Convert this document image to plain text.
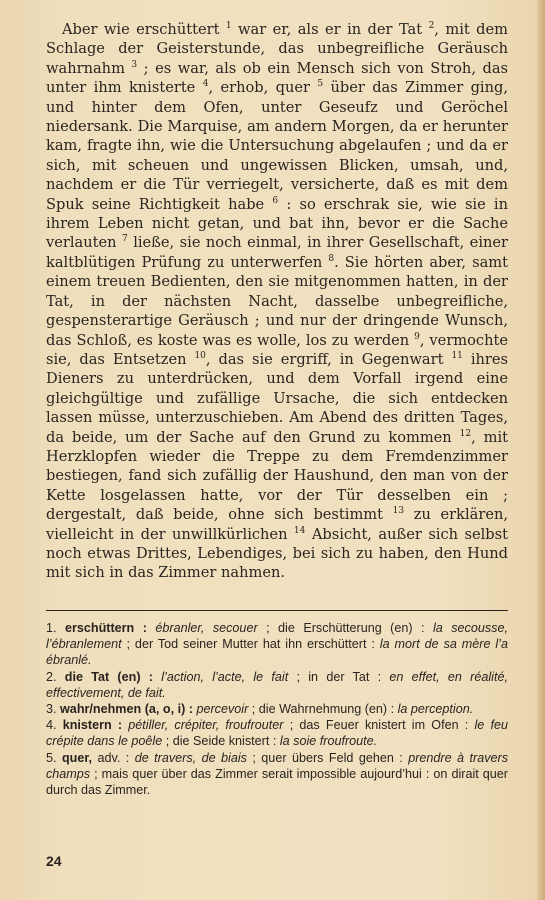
Aber wie erschüttert $^1$ war er, als er in der Tat $^2$, mit dem Schlage der Geisterstunde, das unbegreifliche Geräusch wahrnahm $^3$ ; es war, als ob ein Mensch sich von Stroh, das unter ihm knisterte $^4$, erhob, quer $^5$ über das Zimmer ging, und hinter dem Ofen, unter Geseufz und Geröchel niedersank. Die Marquise, am andern Morgen, da er herunter kam, fragte ihn, wie die Untersuchung abgelaufen ; und da er sich, mit scheuen und ungewissen Blicken, umsah, und, nachdem er die Tür verriegelt, versicherte, daß es mit dem Spuk seine Richtigkeit habe $^6$ : so erschrak sie, wie sie in ihrem Leben nicht getan, und bat ihn, bevor er die Sache verlauten $^7$ ließe, sie noch einmal, in ihrer Gesellschaft, einer kaltblütigen Prüfung zu unterwerfen $^8$. Sie hörten aber, samt einem treuen Bedienten, den sie mitgenommen hatten, in der Tat, in der nächsten Nacht, dasselbe unbegreifliche, gespensterartige Geräusch ; und nur der dringende Wunsch, das Schloß, es koste was es wolle, los zu werden $^9$, vermochte sie, das Entsetzen $^{10}$, das sie ergriff, in Gegenwart $^{11}$ ihres Dieners zu unterdrücken, und dem Vorfall irgend eine gleichgültige und zufällige Ursache, die sich entdecken lassen müsse, unterzuschieben. Am Abend des dritten Tages, da beide, um der Sache auf den Grund zu kommen $^{12}$, mit Herzklopfen wieder die Treppe zu dem Fremdenzimmer bestiegen, fand sich zufällig der Haushund, den man von der Kette losgelassen hatte, vor der Tür desselben ein ; dergestalt, daß beide, ohne sich bestimmt $^{13}$ zu erklären, vielleicht in der unwillkürlichen $^{14}$ Absicht, außer sich selbst noch etwas Drittes, Lebendiges, bei sich zu haben, den Hund mit sich in das Zimmer nahmen.

1. erschüttern : ébranler, secouer ; die Erschütterung (en) : la secousse, l’ébranlement ; der Tod seiner Mutter hat ihn erschüttert : la mort de sa mère l’a ébranlé.

2. die Tat (en) : l’action, l’acte, le fait ; in der Tat : en effet, en réalité, effectivement, de fait.

3. wahr/nehmen (a, o, i) : percevoir ; die Wahrnehmung (en) : la perception.

4. knistern : pétiller, crépiter, froufrouter ; das Feuer knistert im Ofen : le feu crépite dans le poêle ; die Seide knistert : la soie froufroute.

5. quer, adv. : de travers, de biais ; quer übers Feld gehen : prendre à travers champs ; mais quer über das Zimmer serait impossible aujourd’hui : on dirait quer durch das Zimmer.

24
